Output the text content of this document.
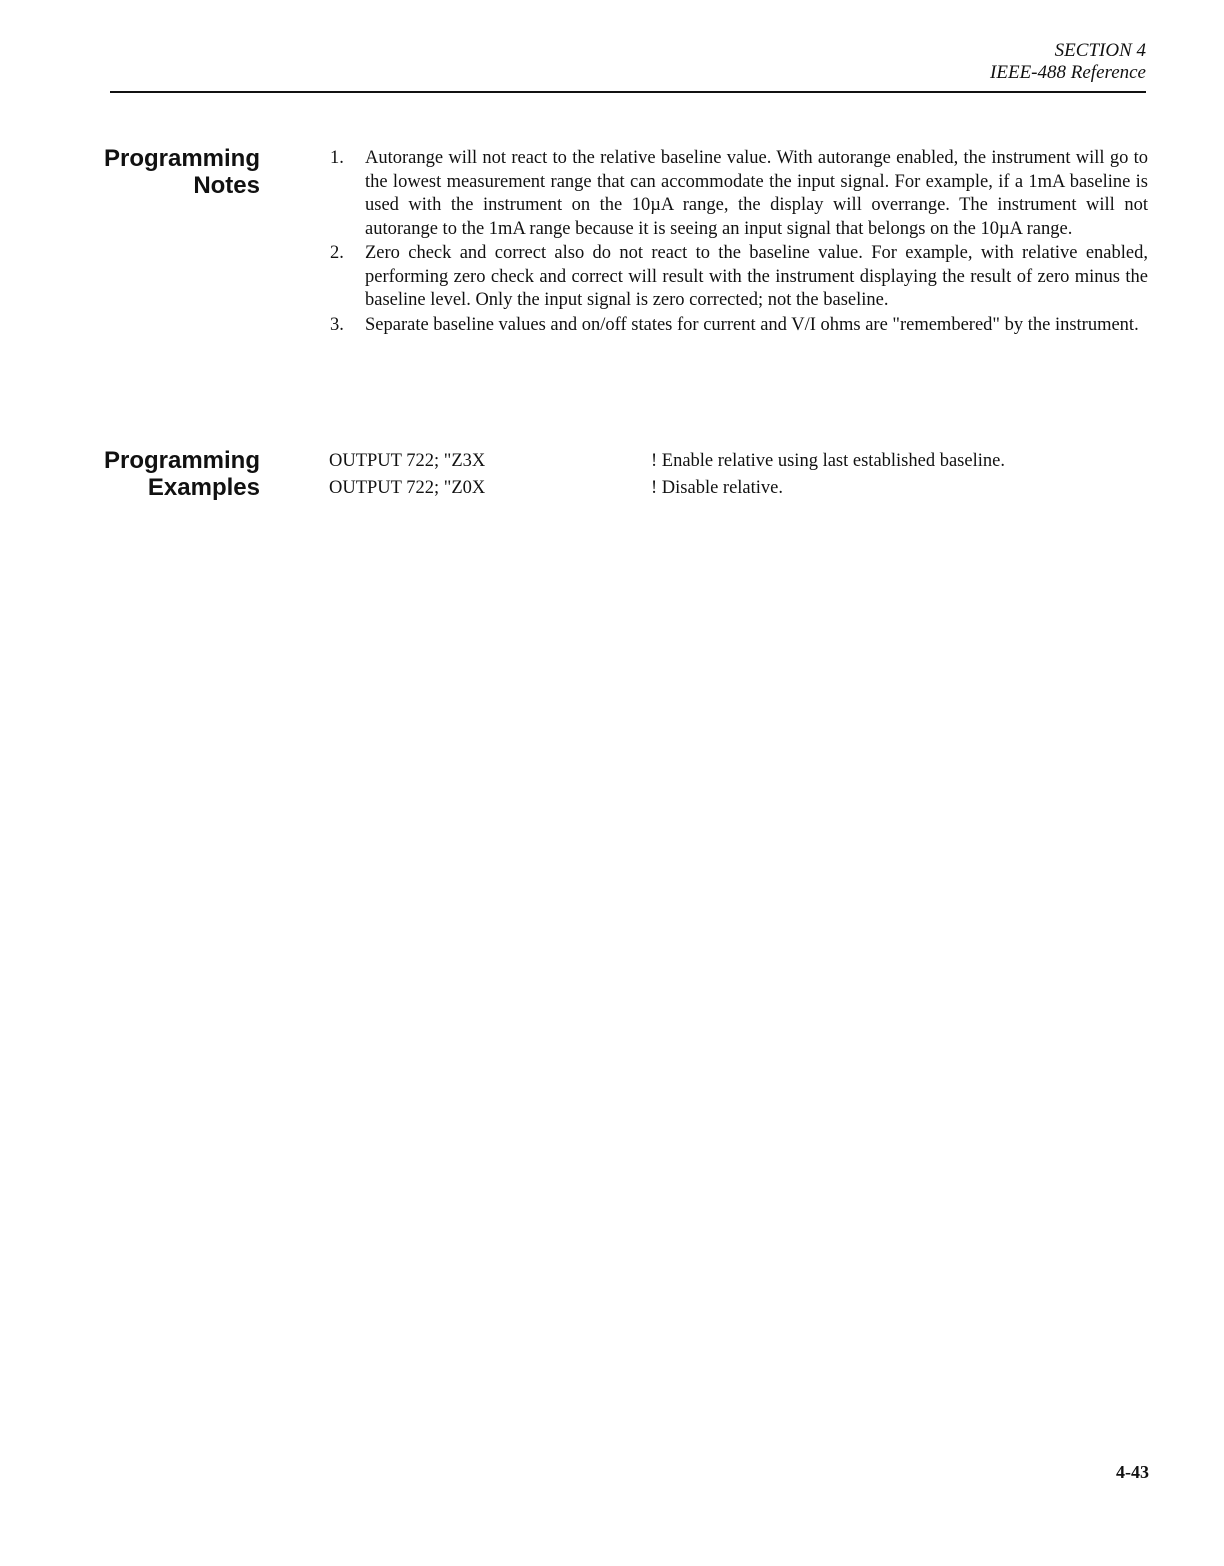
SECTION 4
IEEE-488 Reference
Programming
Notes
1. Autorange will not react to the relative baseline value. With autorange enabled, the instrument will go to the lowest measurement range that can accommodate the input signal. For example, if a 1mA baseline is used with the instrument on the 10µA range, the display will overrange. The instrument will not autorange to the 1mA range because it is seeing an input signal that belongs on the 10µA range.
2. Zero check and correct also do not react to the baseline value. For example, with relative enabled, performing zero check and correct will result with the instrument displaying the result of zero minus the baseline level. Only the input signal is zero corrected; not the baseline.
3. Separate baseline values and on/off states for current and V/I ohms are "remembered" by the instrument.
Programming
Examples
OUTPUT 722; "Z3X	! Enable relative using last established baseline.
OUTPUT 722; "Z0X	! Disable relative.
4-43
